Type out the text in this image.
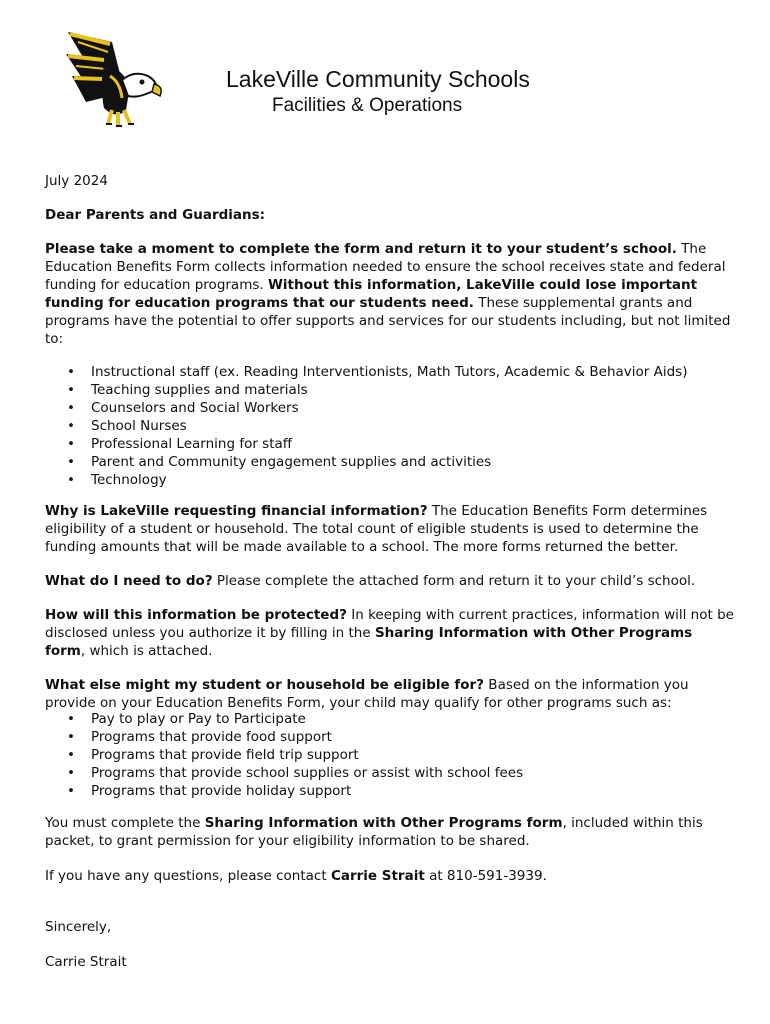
LakeVille Community Schools
Facilities & Operations

July 2024

Dear Parents and Guardians:

Please take a moment to complete the form and return it to your student’s school. The Education Benefits Form collects information needed to ensure the school receives state and federal funding for education programs. Without this information, LakeVille could lose important funding for education programs that our students need. These supplemental grants and programs have the potential to offer supports and services for our students including, but not limited to:

• Instructional staff (ex. Reading Interventionists, Math Tutors, Academic & Behavior Aids)
• Teaching supplies and materials
• Counselors and Social Workers
• School Nurses
• Professional Learning for staff
• Parent and Community engagement supplies and activities
• Technology

Why is LakeVille requesting financial information? The Education Benefits Form determines eligibility of a student or household. The total count of eligible students is used to determine the funding amounts that will be made available to a school. The more forms returned the better.

What do I need to do? Please complete the attached form and return it to your child’s school.

How will this information be protected? In keeping with current practices, information will not be disclosed unless you authorize it by filling in the Sharing Information with Other Programs form, which is attached.

What else might my student or household be eligible for? Based on the information you provide on your Education Benefits Form, your child may qualify for other programs such as:

• Pay to play or Pay to Participate
• Programs that provide food support
• Programs that provide field trip support
• Programs that provide school supplies or assist with school fees
• Programs that provide holiday support

You must complete the Sharing Information with Other Programs form, included within this packet, to grant permission for your eligibility information to be shared.

If you have any questions, please contact Carrie Strait at 810-591-3939.

Sincerely,

Carrie Strait
